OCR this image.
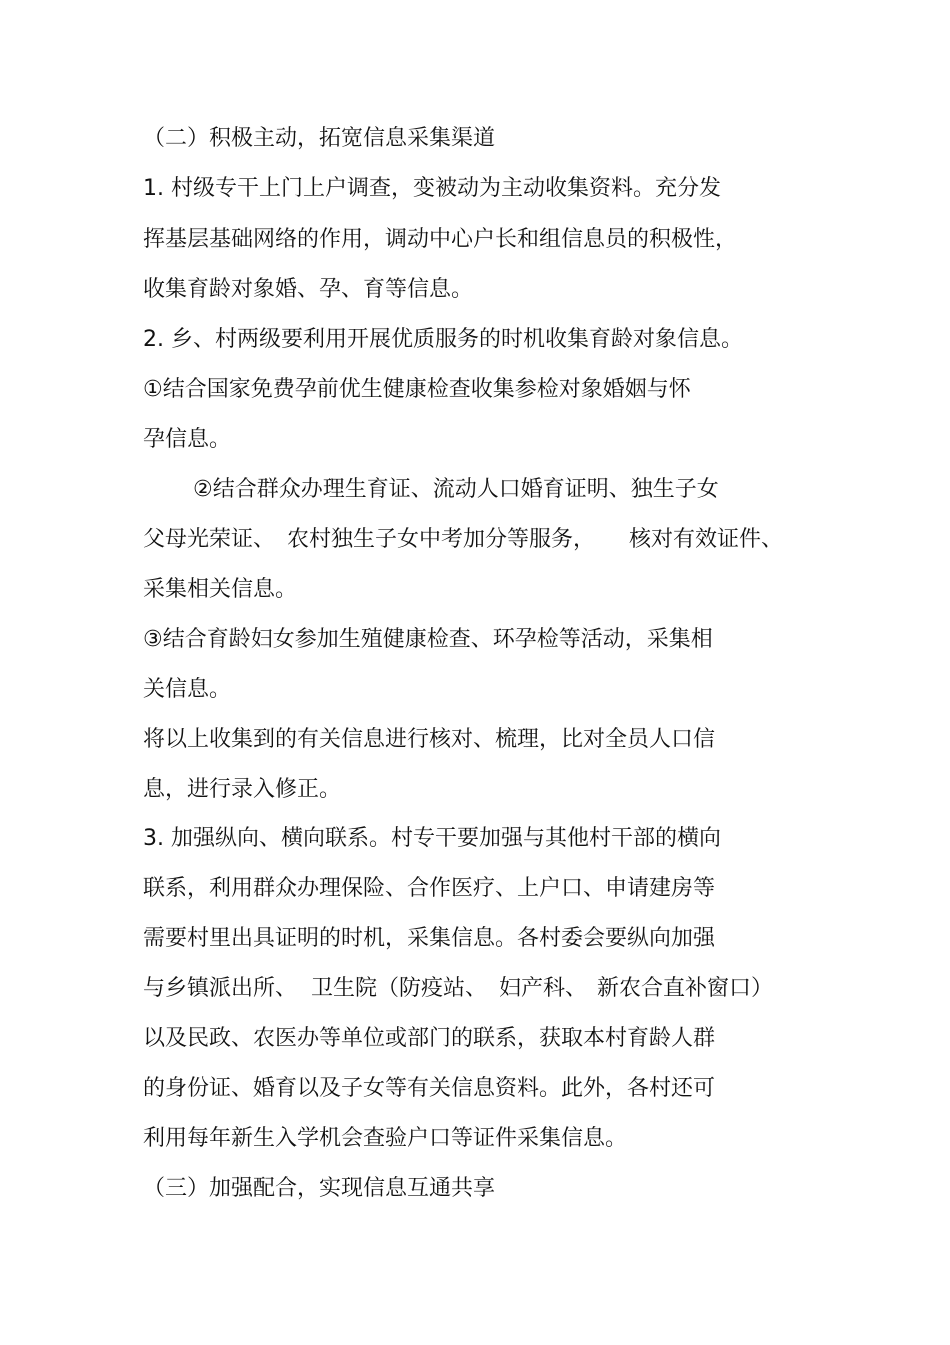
（二）积极主动，拓宽信息采集渠道

1. 村级专干上门上户调查，变被动为主动收集资料。充分发

挥基层基础网络的作用，调动中心户长和组信息员的积极性，

收集育龄对象婚、孕、育等信息。

2. 乡、村两级要利用开展优质服务的时机收集育龄对象信息。

①结合国家免费孕前优生健康检查收集参检对象婚姻与怀

孕信息。

②结合群众办理生育证、流动人口婚育证明、独生子女

父母光荣证、 农村独生子女中考加分等服务， 核对有效证件、

采集相关信息。

③结合育龄妇女参加生殖健康检查、环孕检等活动，采集相

关信息。

将以上收集到的有关信息进行核对、梳理，比对全员人口信

息，进行录入修正。

3. 加强纵向、横向联系。村专干要加强与其他村干部的横向

联系，利用群众办理保险、合作医疗、上户口、申请建房等

需要村里出具证明的时机，采集信息。各村委会要纵向加强

与乡镇派出所、 卫生院（防疫站、 妇产科、 新农合直补窗口）

以及民政、农医办等单位或部门的联系，获取本村育龄人群

的身份证、婚育以及子女等有关信息资料。此外，各村还可

利用每年新生入学机会查验户口等证件采集信息。

（三）加强配合，实现信息互通共享
